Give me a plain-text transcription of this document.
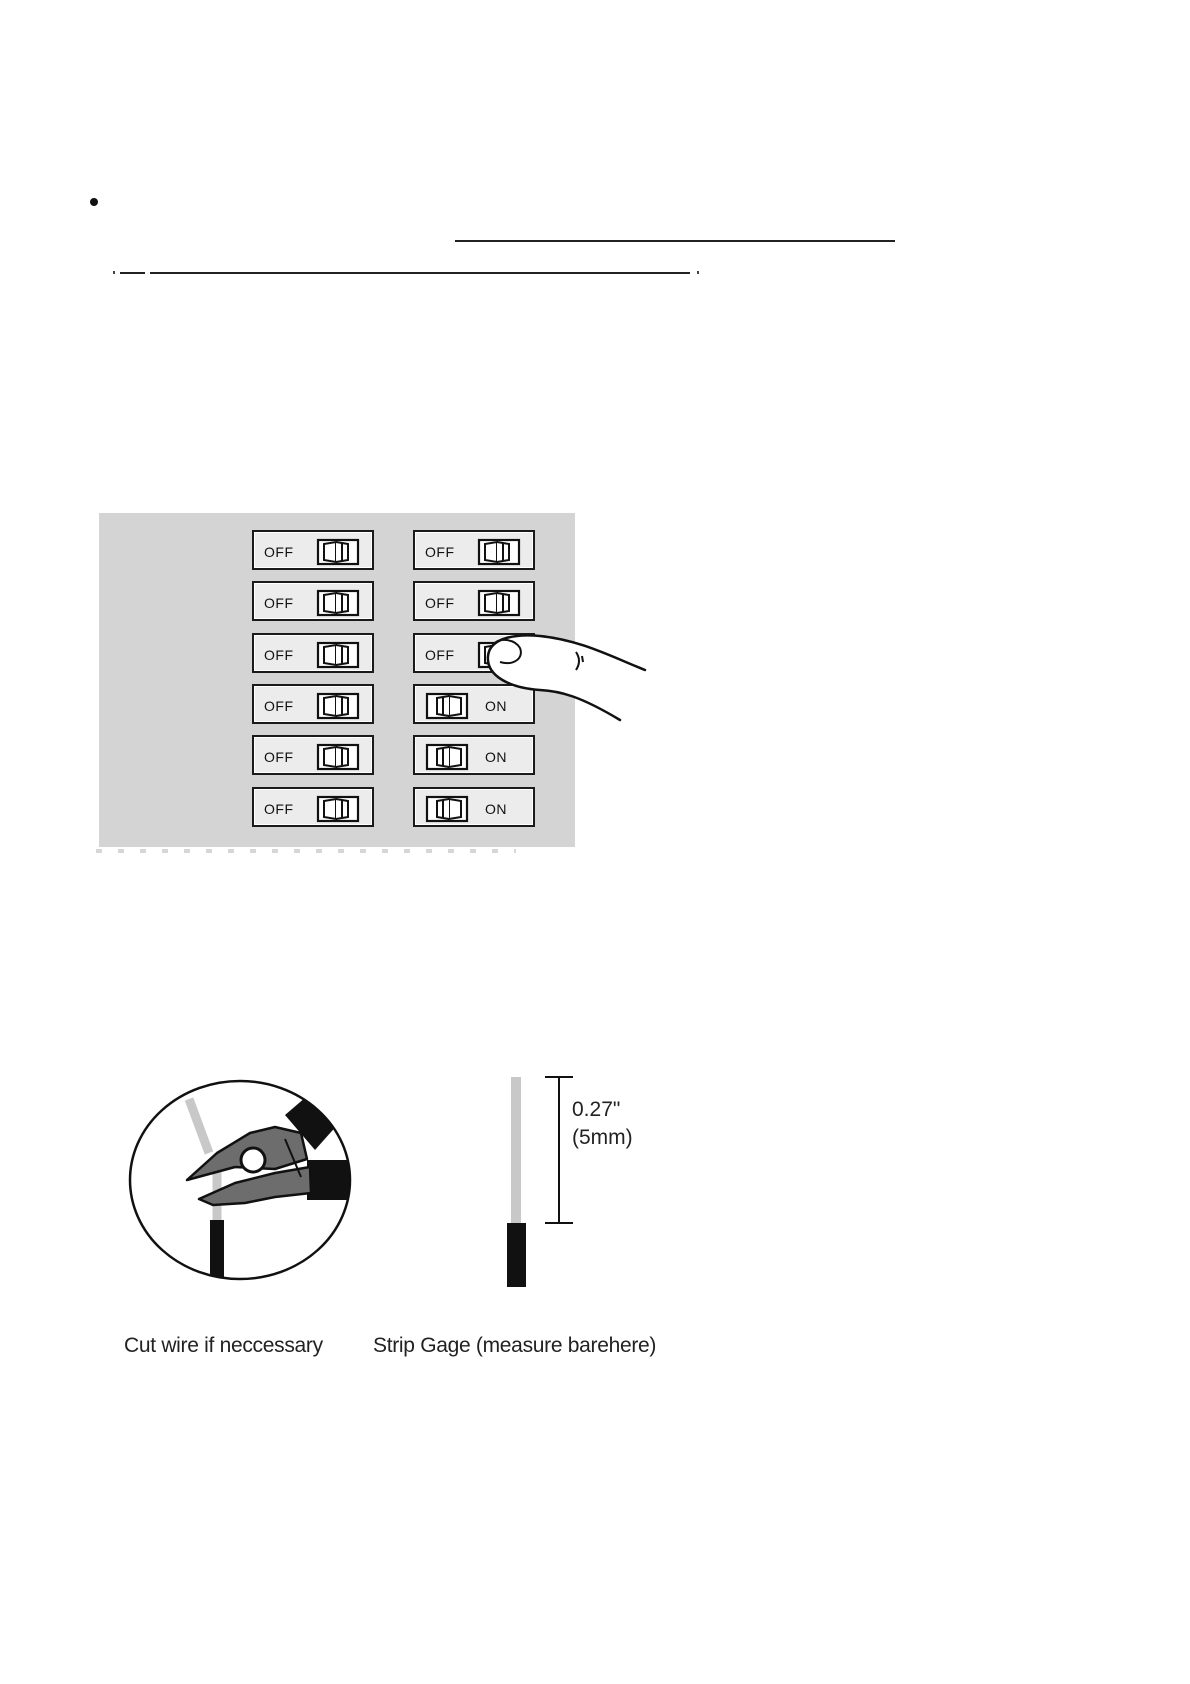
OFF
OFF
OFF
OFF
OFF
OFF
OFF
OFF
OFF
ON
ON
ON
0.27"
(5mm)
Cut wire if neccessary Strip Gage (measure barehere)
